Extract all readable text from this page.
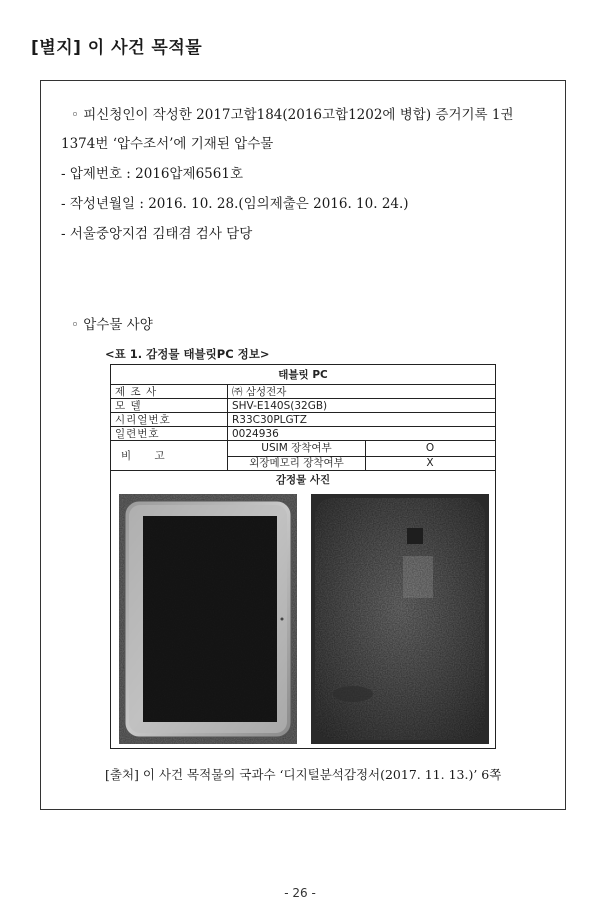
[별지] 이 사건 목적물
◦ 피신청인이 작성한 2017고합184(2016고합1202에 병합) 증거기록 1권
1374번 ‘압수조서’에 기재된 압수물
- 압제번호 : 2016압제6561호
- 작성년월일 : 2016. 10. 28.(임의제출은 2016. 10. 24.)
- 서울중앙지검 김태겸 검사 담당
◦ 압수물 사양
<표 1. 감정물 태블릿PC 정보>
태블릿 PC
제 조 사	㈜ 삼성전자
모 델	SHV-E140S(32GB)
시리얼번호	R33C30PLGTZ
일련번호	0024936
비 고
USIM 장착여부	O
외장메모리 장착여부	X
감정물 사진
[출처] 이 사건 목적물의 국과수 ‘디지털분석감정서(2017. 11. 13.)’ 6쪽
- 26 -
